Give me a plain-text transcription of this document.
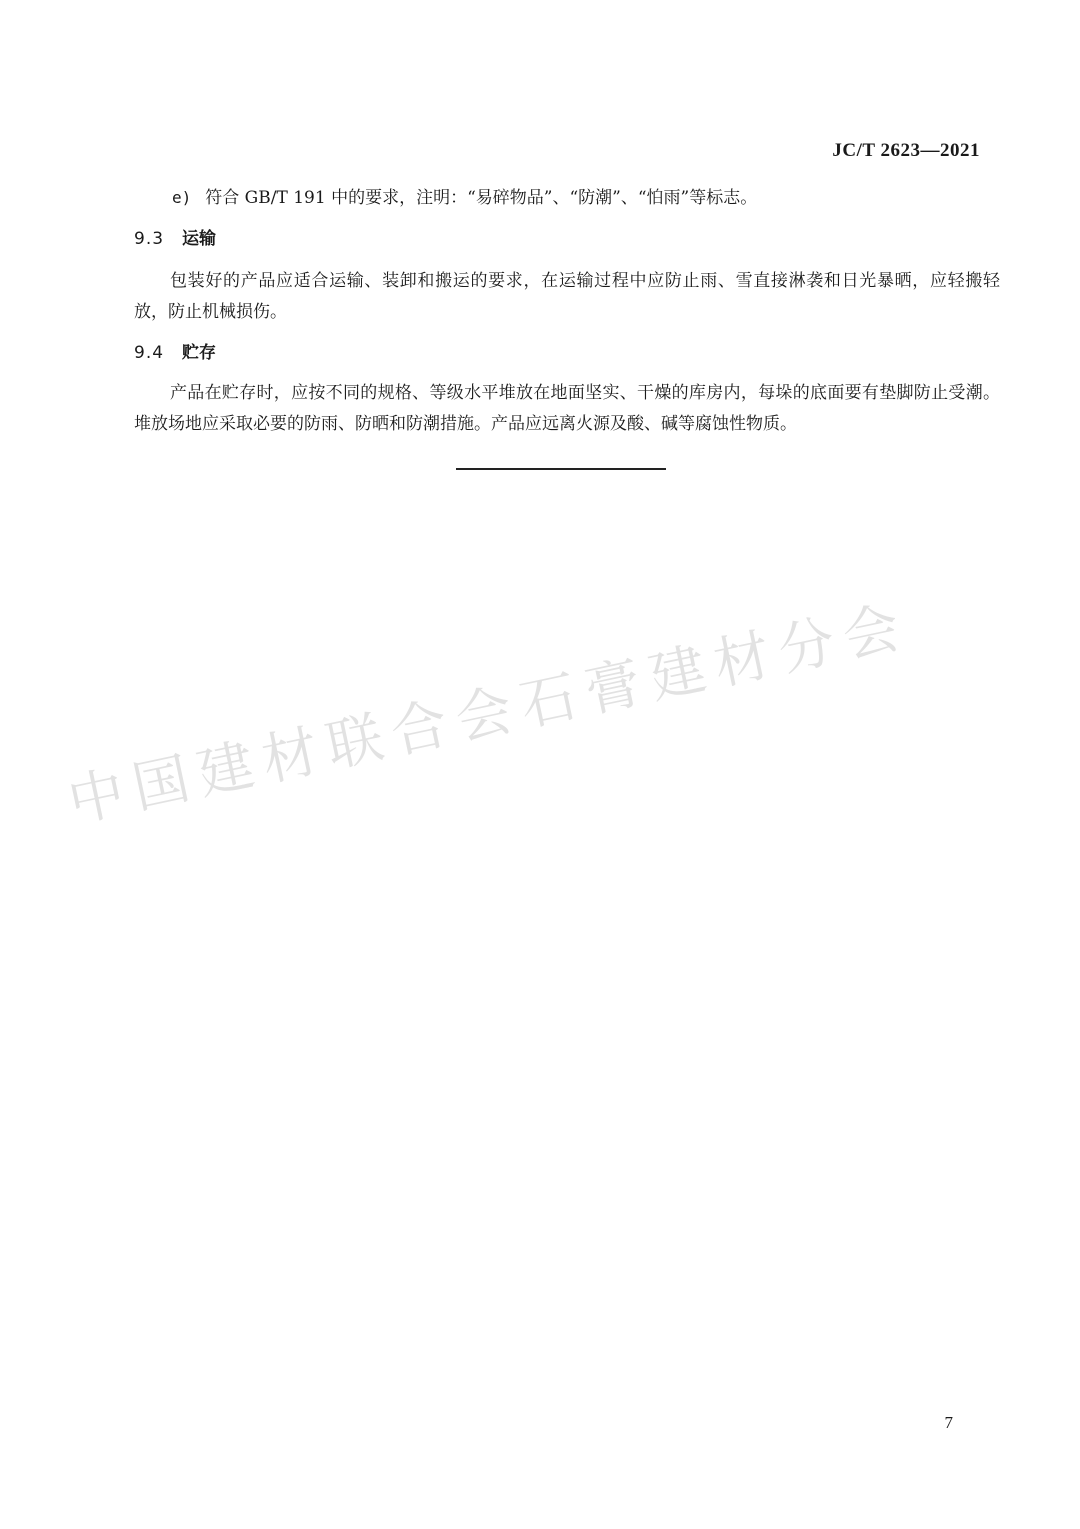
JC/T 2623—2021
e) 符合 GB/T 191 中的要求，注明：“易碎物品”、“防潮”、“怕雨”等标志。
9.3 运输
包装好的产品应适合运输、装卸和搬运的要求，在运输过程中应防止雨、雪直接淋袭和日光暴晒，应轻搬轻放，防止机械损伤。
9.4 贮存
产品在贮存时，应按不同的规格、等级水平堆放在地面坚实、干燥的库房内，每垛的底面要有垫脚防止受潮。堆放场地应采取必要的防雨、防晒和防潮措施。产品应远离火源及酸、碱等腐蚀性物质。
中国建材联合会石膏建材分会
7
